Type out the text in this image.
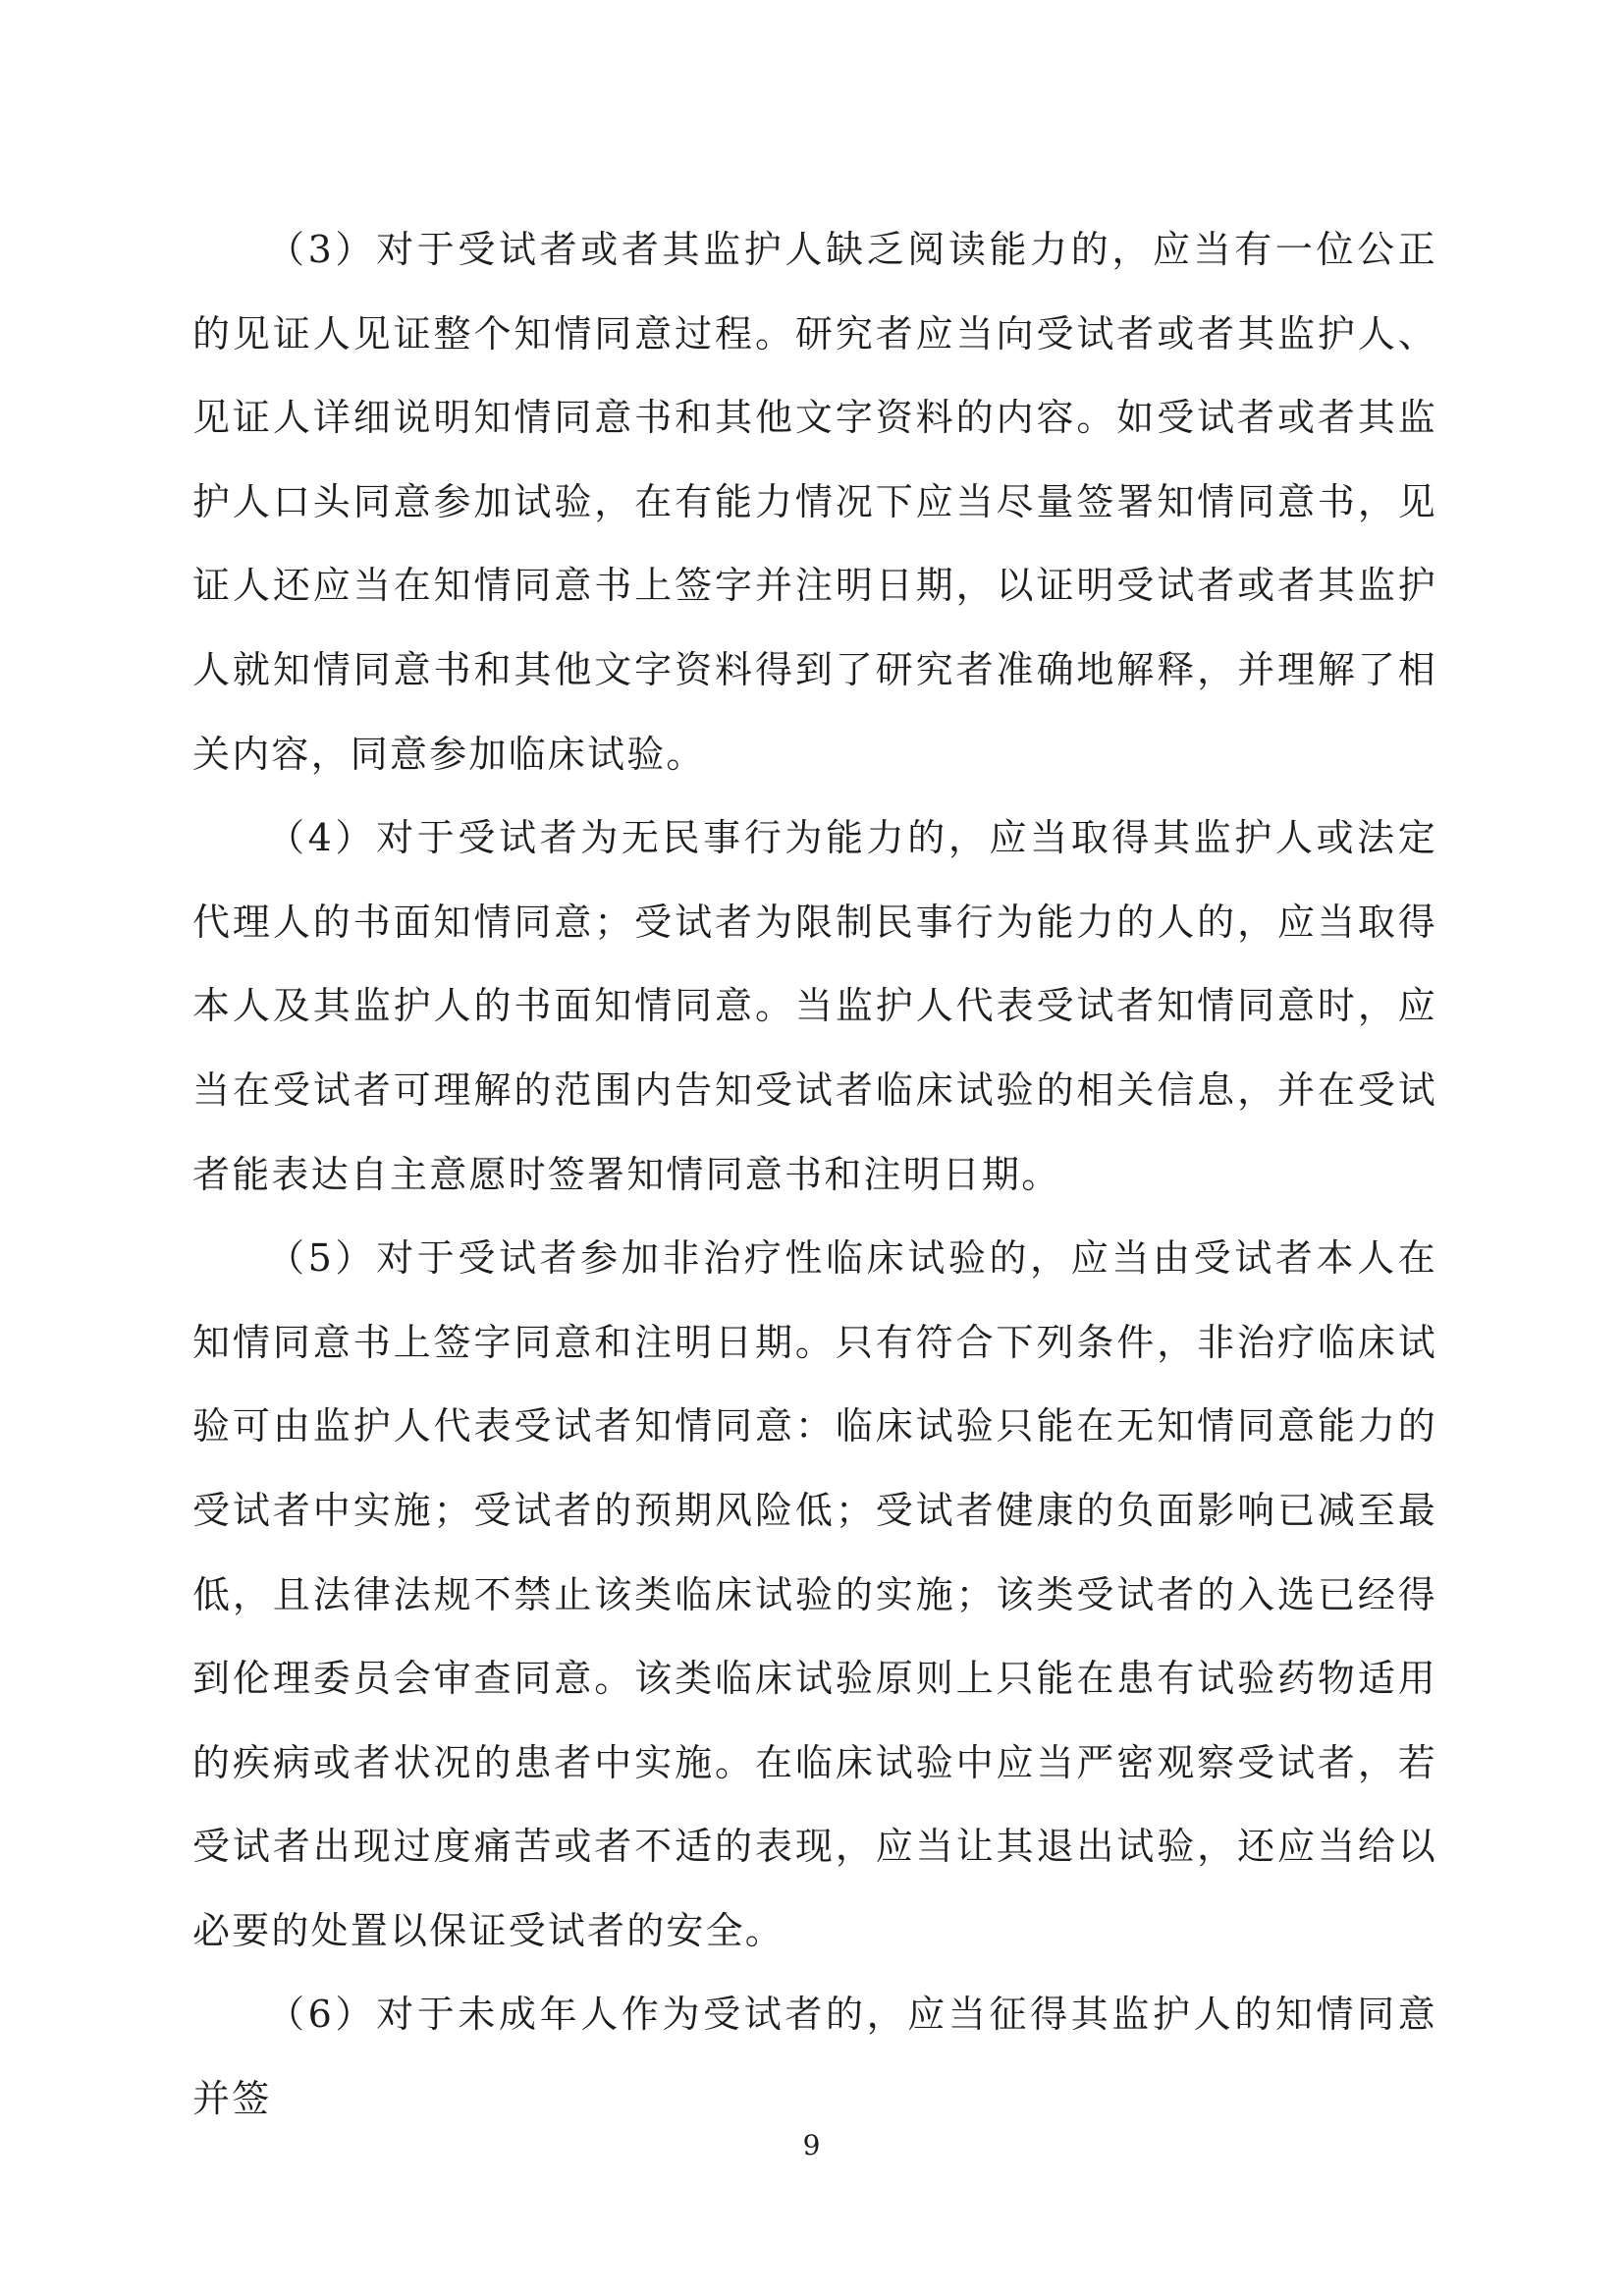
（3）对于受试者或者其监护人缺乏阅读能力的，应当有一位公正的见证人见证整个知情同意过程。研究者应当向受试者或者其监护人、见证人详细说明知情同意书和其他文字资料的内容。如受试者或者其监护人口头同意参加试验，在有能力情况下应当尽量签署知情同意书，见证人还应当在知情同意书上签字并注明日期，以证明受试者或者其监护人就知情同意书和其他文字资料得到了研究者准确地解释，并理解了相关内容，同意参加临床试验。

（4）对于受试者为无民事行为能力的，应当取得其监护人或法定代理人的书面知情同意；受试者为限制民事行为能力的人的，应当取得本人及其监护人的书面知情同意。当监护人代表受试者知情同意时，应当在受试者可理解的范围内告知受试者临床试验的相关信息，并在受试者能表达自主意愿时签署知情同意书和注明日期。

（5）对于受试者参加非治疗性临床试验的，应当由受试者本人在知情同意书上签字同意和注明日期。只有符合下列条件，非治疗临床试验可由监护人代表受试者知情同意：临床试验只能在无知情同意能力的受试者中实施；受试者的预期风险低；受试者健康的负面影响已减至最低，且法律法规不禁止该类临床试验的实施；该类受试者的入选已经得到伦理委员会审查同意。该类临床试验原则上只能在患有试验药物适用的疾病或者状况的患者中实施。在临床试验中应当严密观察受试者，若受试者出现过度痛苦或者不适的表现，应当让其退出试验，还应当给以必要的处置以保证受试者的安全。

（6）对于未成年人作为受试者的，应当征得其监护人的知情同意并签

9
